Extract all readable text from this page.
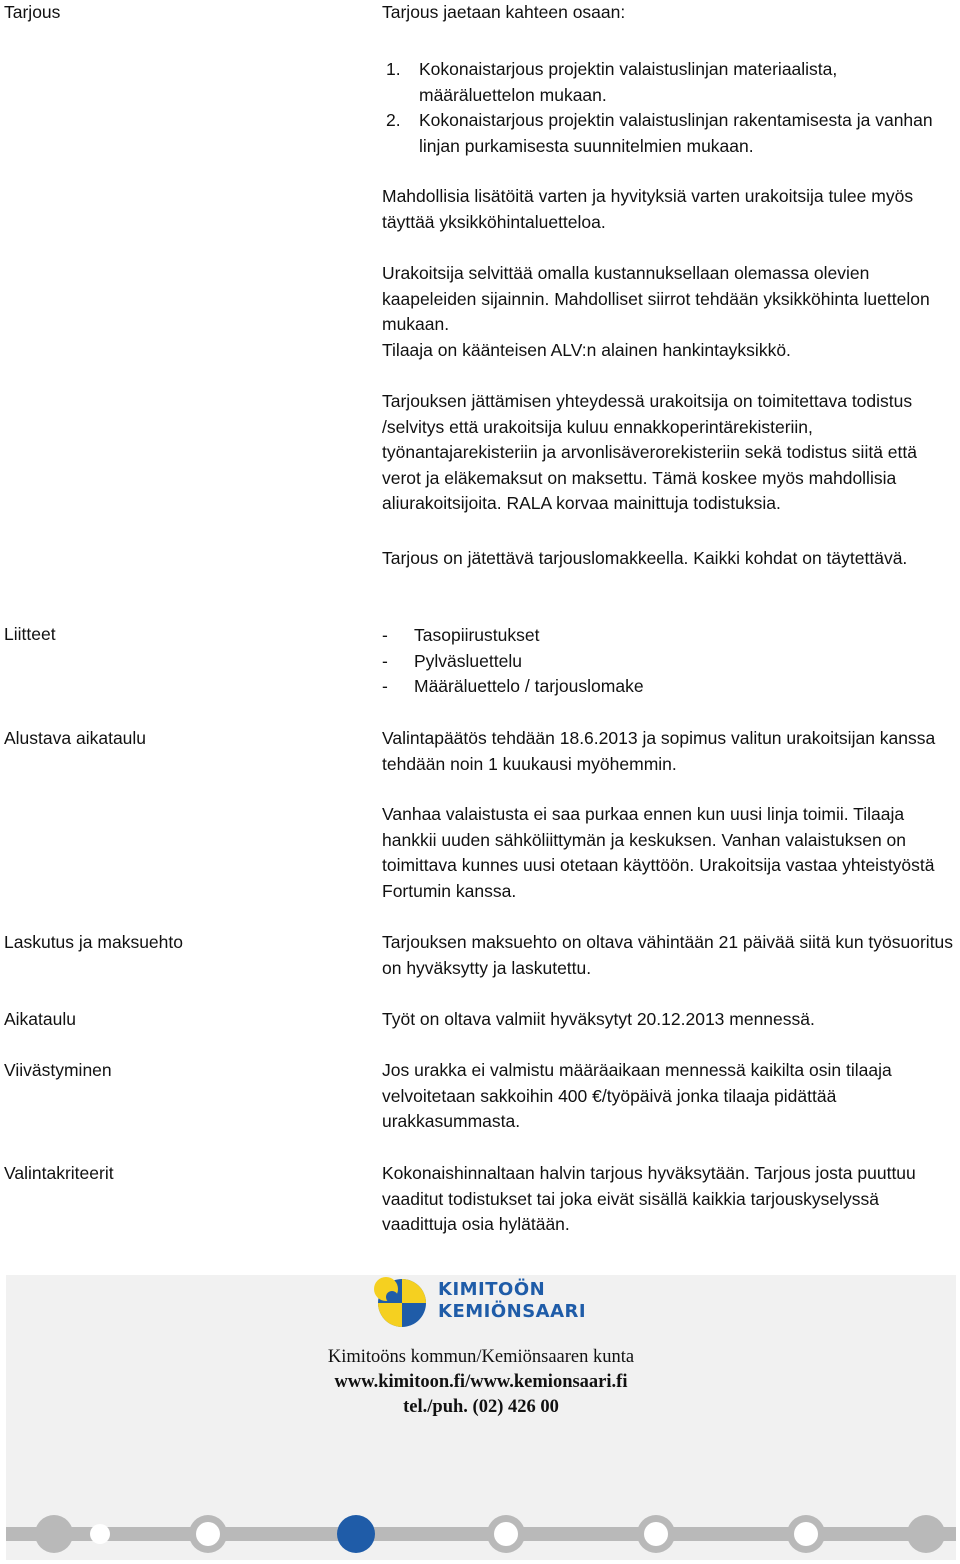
Tarjous	Tarjous jaetaan kahteen osaan:
1. Kokonaistarjous projektin valaistuslinjan materiaalista, määräluettelon mukaan.
2. Kokonaistarjous projektin valaistuslinjan rakentamisesta ja vanhan linjan purkamisesta suunnitelmien mukaan.

Mahdollisia lisätöitä varten ja hyvityksiä varten urakoitsija tulee myös täyttää yksikköhintaluetteloa.

Urakoitsija selvittää omalla kustannuksellaan olemassa olevien kaapeleiden sijainnin. Mahdolliset siirrot tehdään yksikköhinta luettelon mukaan.

Tilaaja on käänteisen ALV:n alainen hankintayksikkö.

Tarjouksen jättämisen yhteydessä urakoitsija on toimitettava todistus /selvitys että urakoitsija kuluu ennakkoperintärekisteriin, työnantajarekisteriin ja arvonlisäverorekisteriin sekä todistus siitä että verot ja eläkemaksut on maksettu. Tämä koskee myös mahdollisia aliurakoitsijoita. RALA korvaa mainittuja todistuksia.

Tarjous on jätettävä tarjouslomakkeella. Kaikki kohdat on täytettävä.

Liitteet	- Tasopiirustukset
- Pylväsluettelu
- Määräluettelo / tarjouslomake

Alustava aikataulu	Valintapäätös tehdään 18.6.2013 ja sopimus valitun urakoitsijan kanssa tehdään noin 1 kuukausi myöhemmin.

Vanhaa valaistusta ei saa purkaa ennen kun uusi linja toimii. Tilaaja hankkii uuden sähköliittymän ja keskuksen. Vanhan valaistuksen on toimittava kunnes uusi otetaan käyttöön. Urakoitsija vastaa yhteistyöstä Fortumin kanssa.

Laskutus ja maksuehto	Tarjouksen maksuehto on oltava vähintään 21 päivää siitä kun työsuoritus on hyväksytty ja laskutettu.

Aikataulu	Työt on oltava valmiit hyväksytyt 20.12.2013 mennessä.

Viivästyminen	Jos urakka ei valmistu määräaikaan mennessä kaikilta osin tilaaja velvoitetaan sakkoihin 400 €/työpäivä jonka tilaaja pidättää urakkasummasta.

Valintakriteerit	Kokonaishinnaltaan halvin tarjous hyväksytään. Tarjous josta puuttuu vaaditut todistukset tai joka eivät sisällä kaikkia tarjouskyselyssä vaadittuja osia hylätään.

KIMITOÖN
KEMIÖNSAARI
Kimitoöns kommun/Kemiönsaaren kunta
www.kimitoon.fi/www.kemionsaari.fi
tel./puh. (02) 426 00
